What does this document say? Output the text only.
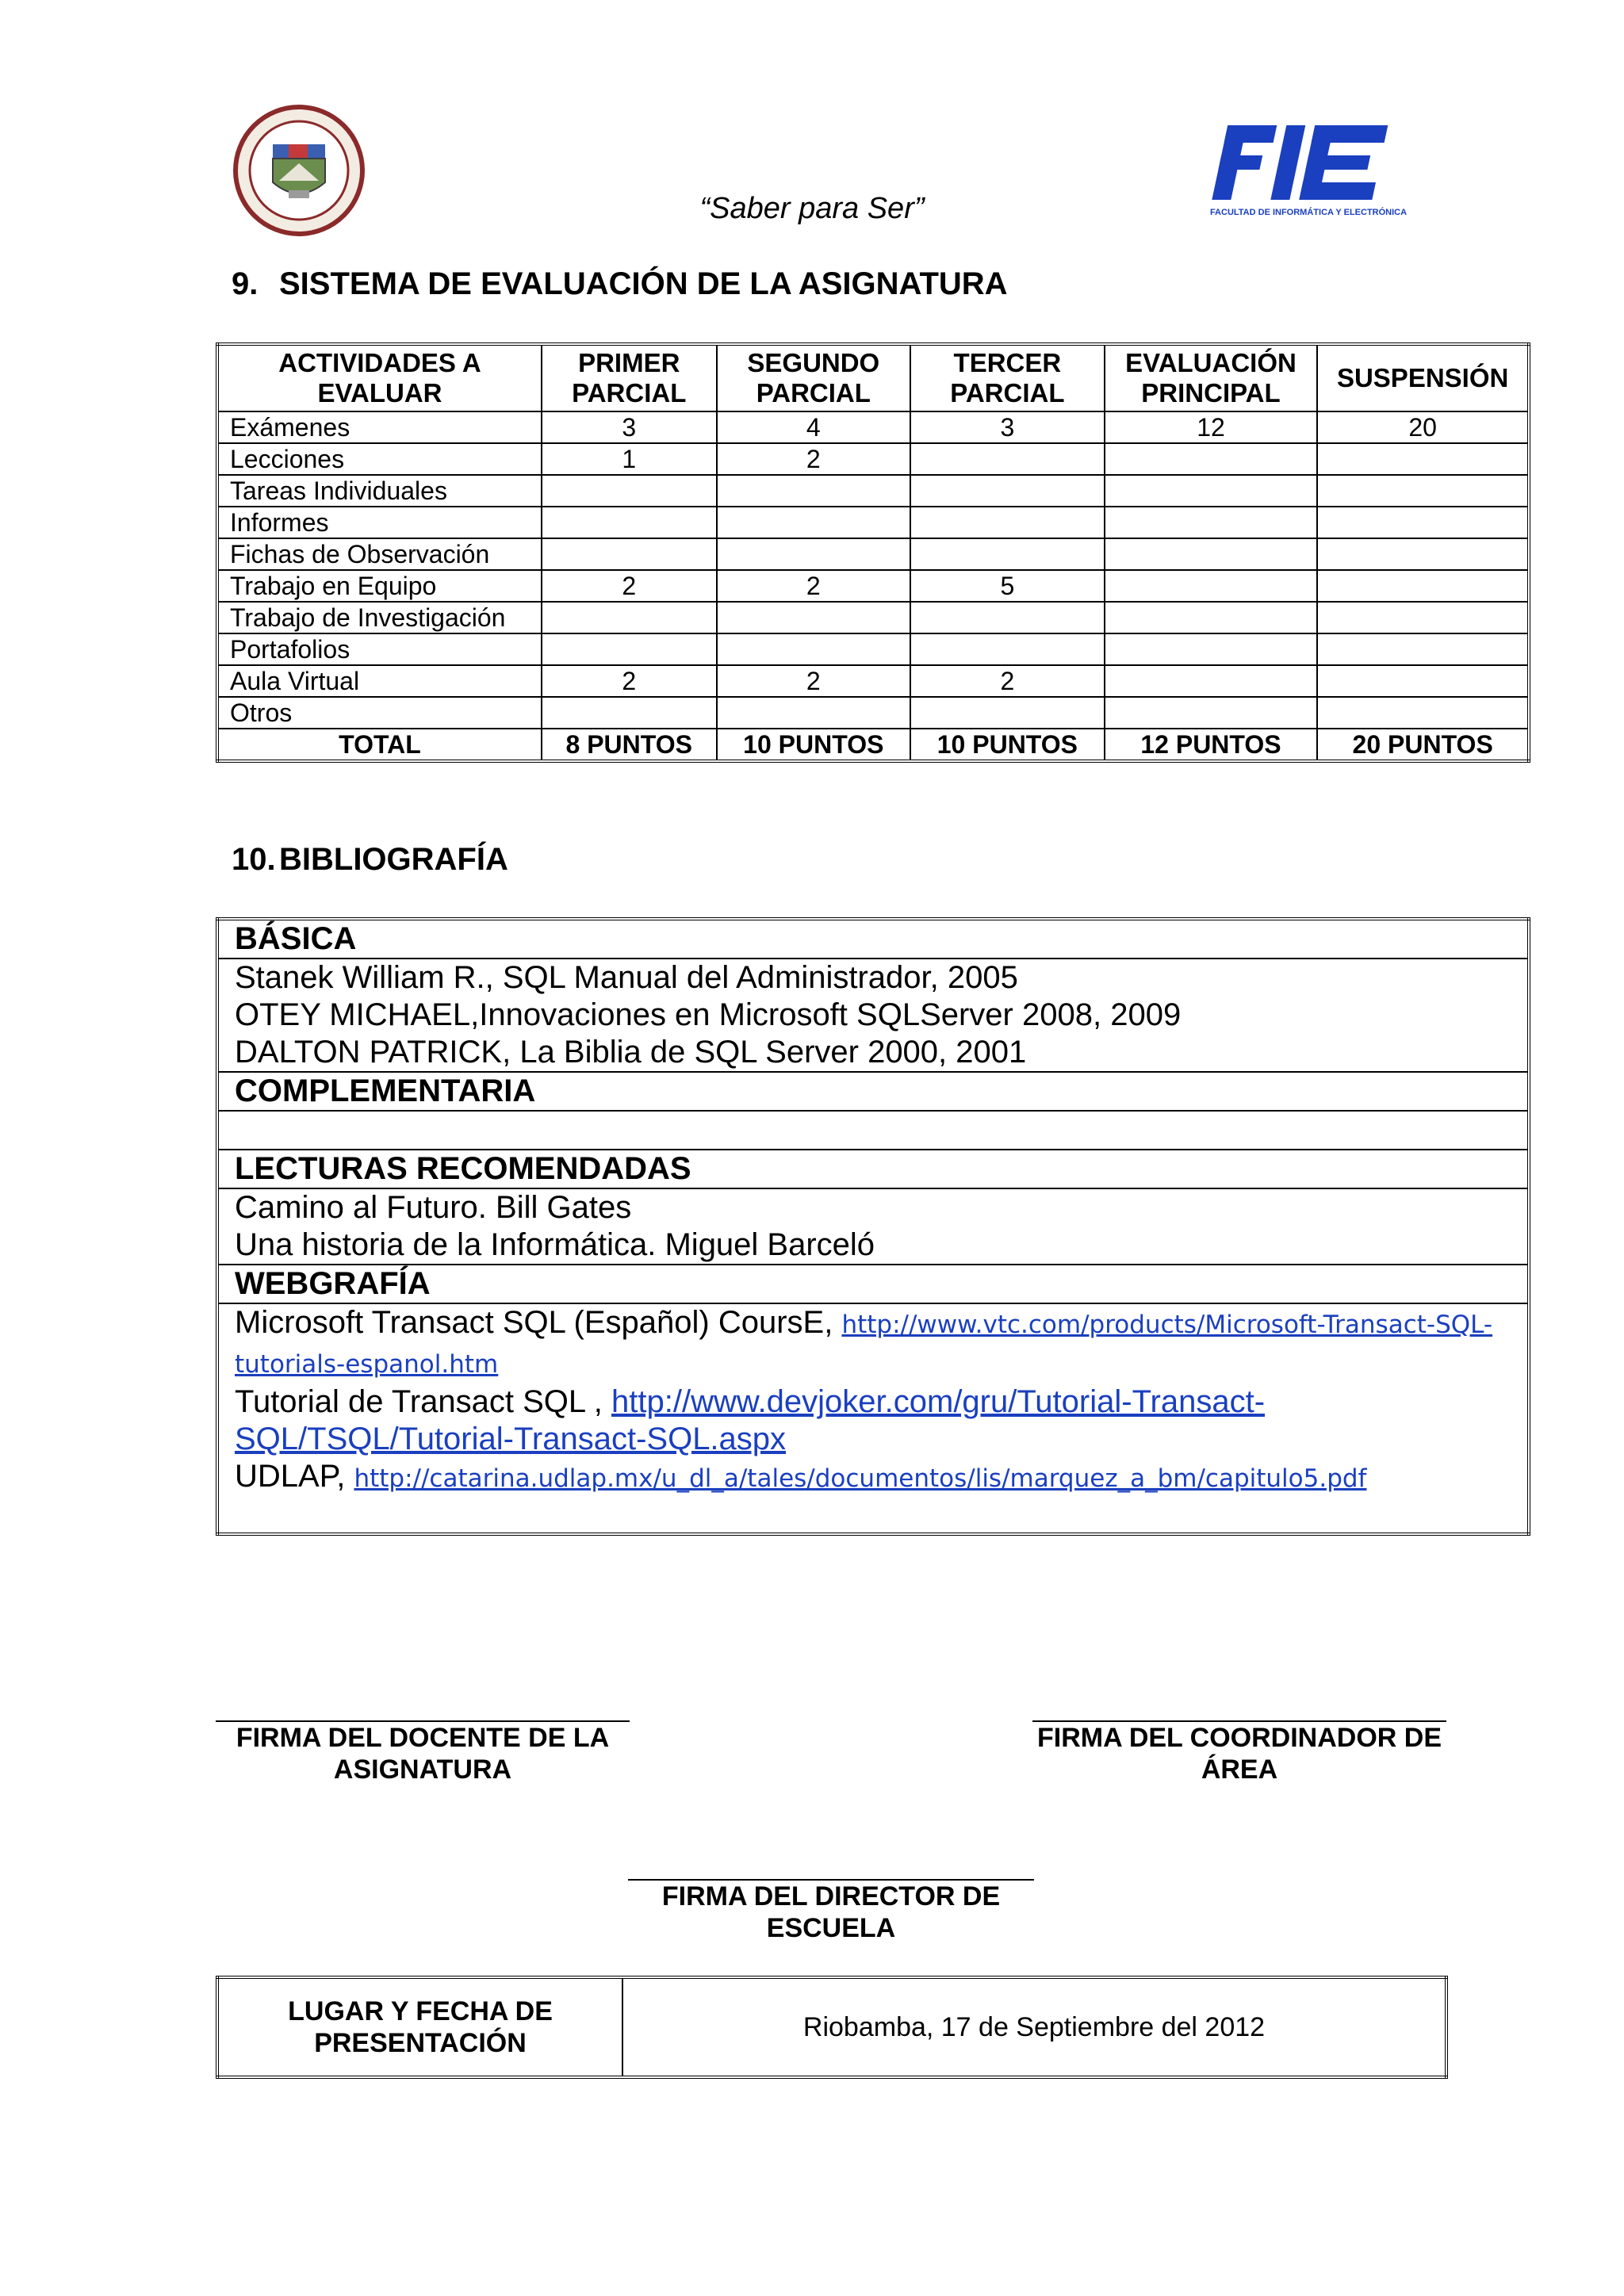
FACULTAD DE INFORMÁTICA Y ELECTRÓNICA
“Saber para Ser”
9. SISTEMA DE EVALUACIÓN DE LA ASIGNATURA
ACTIVIDADES A EVALUAR	PRIMER PARCIAL	SEGUNDO PARCIAL	TERCER PARCIAL	EVALUACIÓN PRINCIPAL	SUSPENSIÓN
Exámenes	3	4	3	12	20
Lecciones	1	2			
Tareas Individuales					
Informes					
Fichas de Observación					
Trabajo en Equipo	2	2	5		
Trabajo de Investigación					
Portafolios					
Aula Virtual	2	2	2		
Otros					
TOTAL	8 PUNTOS	10 PUNTOS	10 PUNTOS	12 PUNTOS	20 PUNTOS
10. BIBLIOGRAFÍA
BÁSICA

Stanek William R., SQL Manual del Administrador, 2005
OTEY MICHAEL,Innovaciones en Microsoft SQLServer 2008, 2009
DALTON PATRICK, La Biblia de SQL Server 2000, 2001

COMPLEMENTARIA

LECTURAS RECOMENDADAS

Camino al Futuro. Bill Gates
Una historia de la Informática. Miguel Barceló

WEBGRAFÍA

Microsoft Transact SQL (Español) CoursE, http://www.vtc.com/products/Microsoft-Transact-SQL-tutorials-espanol.htm
Tutorial de Transact SQL , http://www.devjoker.com/gru/Tutorial-Transact-SQL/TSQL/Tutorial-Transact-SQL.aspx
UDLAP, http://catarina.udlap.mx/u_dl_a/tales/documentos/lis/marquez_a_bm/capitulo5.pdf
FIRMA DEL DOCENTE DE LA ASIGNATURA
FIRMA DEL COORDINADOR DE ÁREA
FIRMA DEL DIRECTOR DE ESCUELA
LUGAR Y FECHA DE PRESENTACIÓN	Riobamba, 17 de Septiembre del 2012
